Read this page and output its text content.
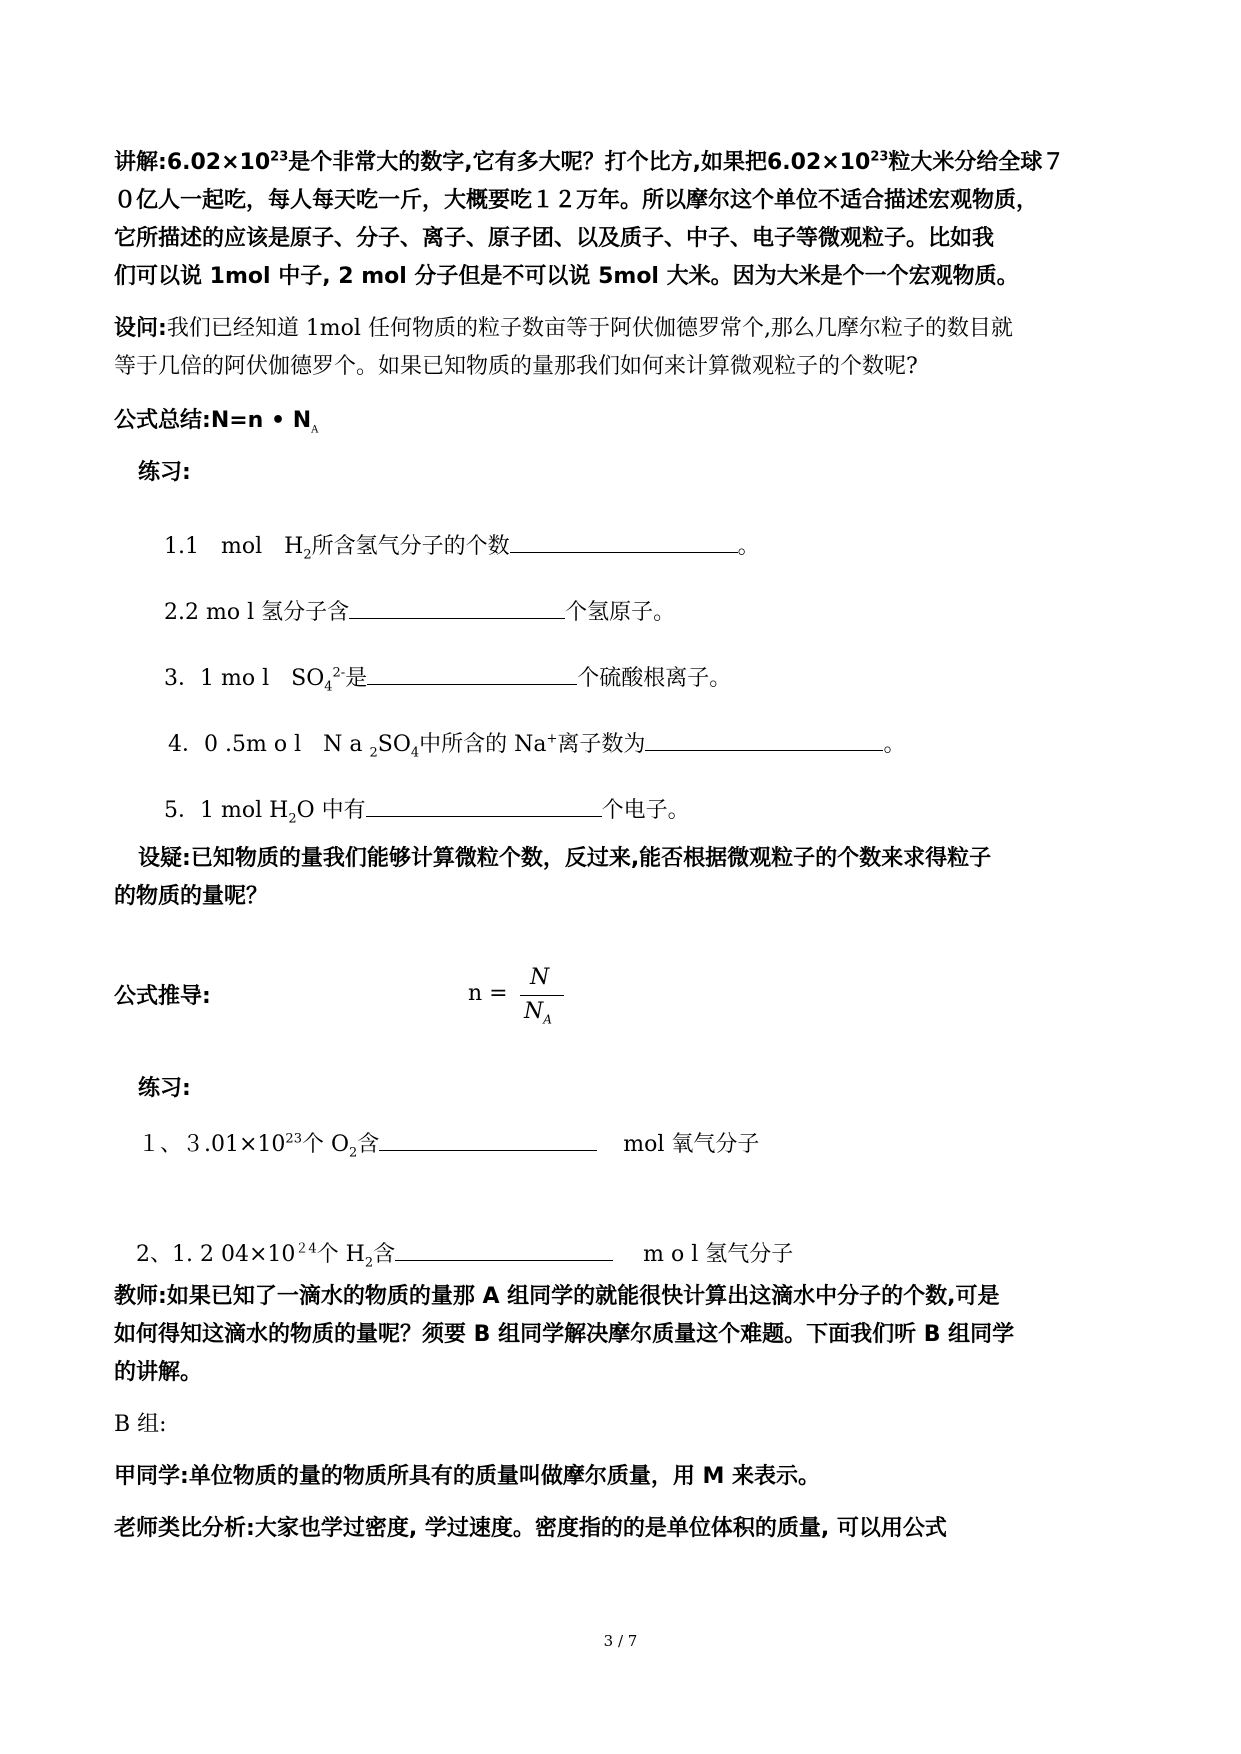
讲解$:6.02\times 10^{23}$是个非常大的数字,它有多大呢？打个比方,如果把$6.02\times 10^{23}$粒大米分给全球７
０亿人一起吃，每人每天吃一斤，大概要吃１２万年。所以摩尔这个单位不适合描述宏观物质，
它所描述的应该是原子、分子、离子、原子团、以及质子、中子、电子等微观粒子。比如我
们可以说 1mol 中子, 2 mol 分子但是不可以说 5mol 大米。因为大米是个一个宏观物质。
设问:我们已经知道 1mol 任何物质的粒子数亩等于阿伏伽德罗常个,那么几摩尔粒子的数目就
等于几倍的阿伏伽德罗个。如果已知物质的量那我们如何来计算微观粒子的个数呢?
公式总结:N=n • $N_A$
练习:
1.1　mol　$H_2$所含氢气分子的个数	。
2.2 mo l 氢分子含	个氢原子。
3．1 mo l　$SO_4^{2-}$是	个硫酸根离子。
4．0 .5m o l　N a $_2SO_4$中所含的 Na+离子数为	。
5．1 mol $H_2O$ 中有	个电子。
设疑:已知物质的量我们能够计算微粒个数，反过来,能否根据微观粒子的个数来求得粒子
的物质的量呢？
公式推导:	n =
N
$N_A$
练习:
１、$3.01\times 10^{23}$个 $O_2$含	mol 氧气分子
2、1. 2 $04\times 10^{24}$个 $H_2$含	m o l 氢气分子
教师:如果已知了一滴水的物质的量那 A 组同学的就能很快计算出这滴水中分子的个数,可是
如何得知这滴水的物质的量呢？须要 B 组同学解决摩尔质量这个难题。下面我们听 B 组同学
的讲解。
B 组:
甲同学:单位物质的量的物质所具有的质量叫做摩尔质量，用 M 来表示。
老师类比分析:大家也学过密度, 学过速度。密度指的的是单位体积的质量, 可以用公式
3 / 7
